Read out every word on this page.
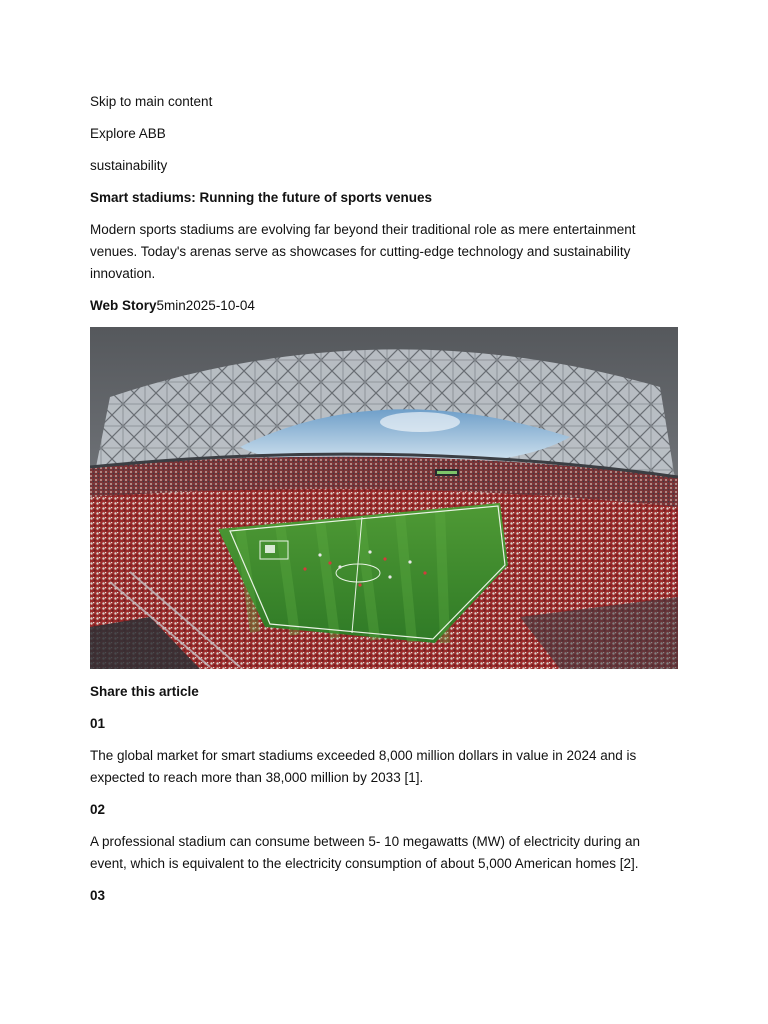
Skip to main content
Explore ABB
sustainability
Smart stadiums: Running the future of sports venues

Modern sports stadiums are evolving far beyond their traditional role as mere entertainment venues. Today's arenas serve as showcases for cutting-edge technology and sustainability innovation.

Web Story5min2025-10-04
Share this article
01

The global market for smart stadiums exceeded 8,000 million dollars in value in 2024 and is expected to reach more than 38,000 million by 2033 [1].

02

A professional stadium can consume between 5- 10 megawatts (MW) of electricity during an event, which is equivalent to the electricity consumption of about 5,000 American homes [2].

03
